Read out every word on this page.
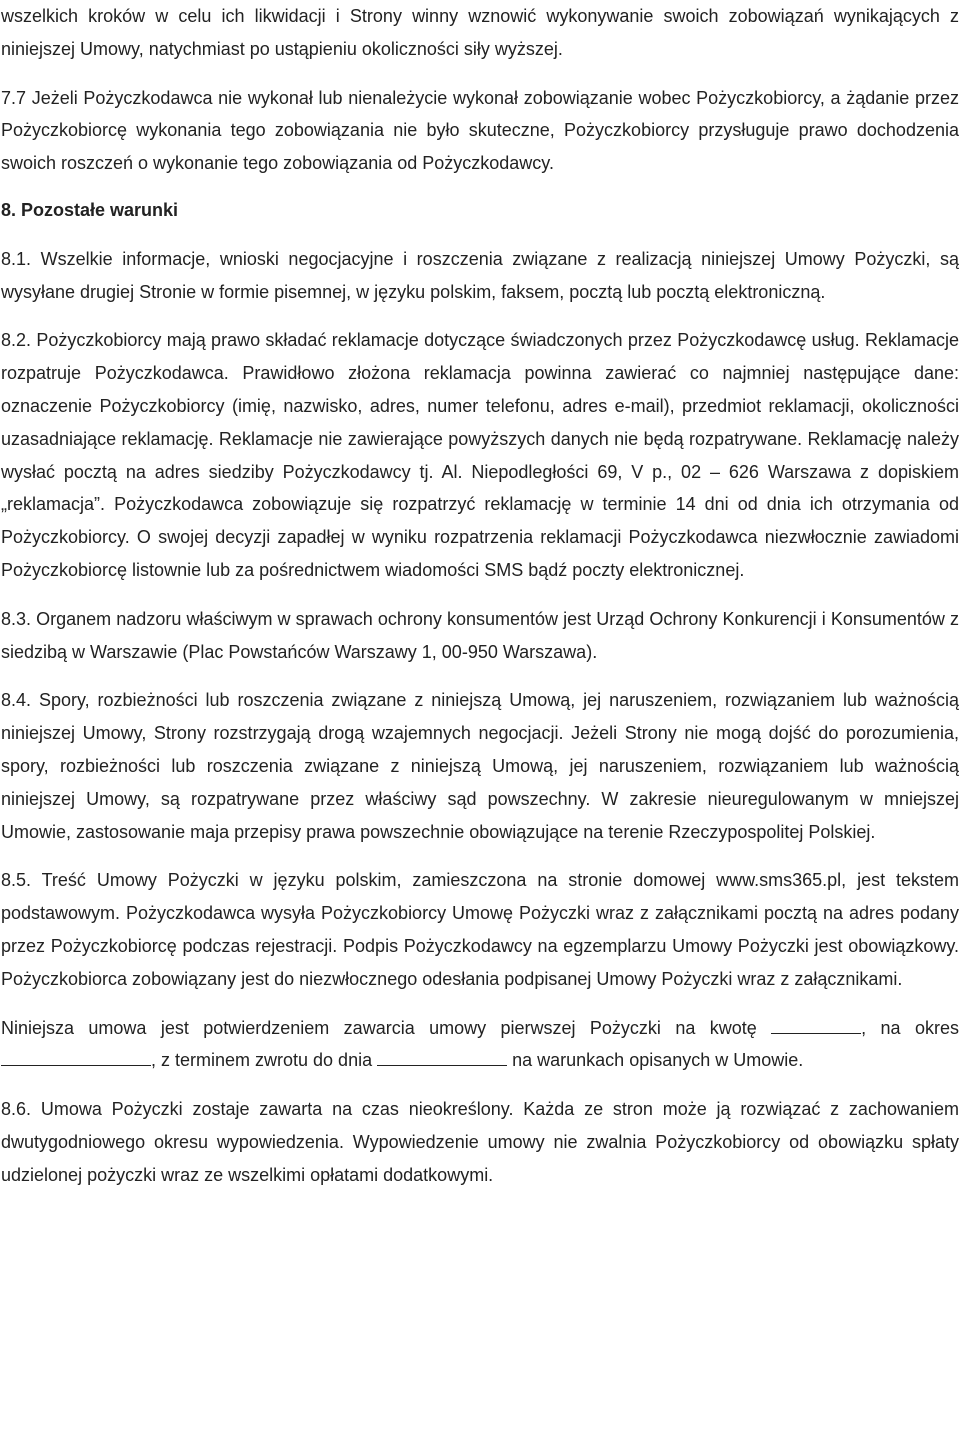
wszelkich kroków w celu ich likwidacji i Strony winny wznowić wykonywanie swoich zobowiązań wynikających z niniejszej Umowy, natychmiast po ustąpieniu okoliczności siły wyższej.

7.7 Jeżeli Pożyczkodawca nie wykonał lub nienależycie wykonał zobowiązanie wobec Pożyczkobiorcy, a żądanie przez Pożyczkobiorcę wykonania tego zobowiązania nie było skuteczne, Pożyczkobiorcy przysługuje prawo dochodzenia swoich roszczeń o wykonanie tego zobowiązania od Pożyczkodawcy.

8. Pozostałe warunki

8.1. Wszelkie informacje, wnioski negocjacyjne i roszczenia związane z realizacją niniejszej Umowy Pożyczki, są wysyłane drugiej Stronie w formie pisemnej, w języku polskim, faksem, pocztą lub pocztą elektroniczną.

8.2. Pożyczkobiorcy mają prawo składać reklamacje dotyczące świadczonych przez Pożyczkodawcę usług. Reklamacje rozpatruje Pożyczkodawca. Prawidłowo złożona reklamacja powinna zawierać co najmniej następujące dane: oznaczenie Pożyczkobiorcy (imię, nazwisko, adres, numer telefonu, adres e-mail), przedmiot reklamacji, okoliczności uzasadniające reklamację. Reklamacje nie zawierające powyższych danych nie będą rozpatrywane. Reklamację należy wysłać pocztą na adres siedziby Pożyczkodawcy tj. Al. Niepodległości 69, V p., 02 – 626 Warszawa z dopiskiem „reklamacja”. Pożyczkodawca zobowiązuje się rozpatrzyć reklamację w terminie 14 dni od dnia ich otrzymania od Pożyczkobiorcy. O swojej decyzji zapadłej w wyniku rozpatrzenia reklamacji Pożyczkodawca niezwłocznie zawiadomi Pożyczkobiorcę listownie lub za pośrednictwem wiadomości SMS bądź poczty elektronicznej.

8.3. Organem nadzoru właściwym w sprawach ochrony konsumentów jest Urząd Ochrony Konkurencji i Konsumentów z siedzibą w Warszawie (Plac Powstańców Warszawy 1, 00-950 Warszawa).

8.4. Spory, rozbieżności lub roszczenia związane z niniejszą Umową, jej naruszeniem, rozwiązaniem lub ważnością niniejszej Umowy, Strony rozstrzygają drogą wzajemnych negocjacji. Jeżeli Strony nie mogą dojść do porozumienia, spory, rozbieżności lub roszczenia związane z niniejszą Umową, jej naruszeniem, rozwiązaniem lub ważnością niniejszej Umowy, są rozpatrywane przez właściwy sąd powszechny. W zakresie nieuregulowanym w mniejszej Umowie, zastosowanie maja przepisy prawa powszechnie obowiązujące na terenie Rzeczypospolitej Polskiej.

8.5. Treść Umowy Pożyczki w języku polskim, zamieszczona na stronie domowej www.sms365.pl, jest tekstem podstawowym. Pożyczkodawca wysyła Pożyczkobiorcy Umowę Pożyczki wraz z załącznikami pocztą na adres podany przez Pożyczkobiorcę podczas rejestracji. Podpis Pożyczkodawcy na egzemplarzu Umowy Pożyczki jest obowiązkowy. Pożyczkobiorca zobowiązany jest do niezwłocznego odesłania podpisanej Umowy Pożyczki wraz z załącznikami.

Niniejsza umowa jest potwierdzeniem zawarcia umowy pierwszej Pożyczki na kwotę	, na okres , z terminem zwrotu do dnia	na warunkach opisanych w Umowie.

8.6. Umowa Pożyczki zostaje zawarta na czas nieokreślony. Każda ze stron może ją rozwiązać z zachowaniem dwutygodniowego okresu wypowiedzenia. Wypowiedzenie umowy nie zwalnia Pożyczkobiorcy od obowiązku spłaty udzielonej pożyczki wraz ze wszelkimi opłatami dodatkowymi.
